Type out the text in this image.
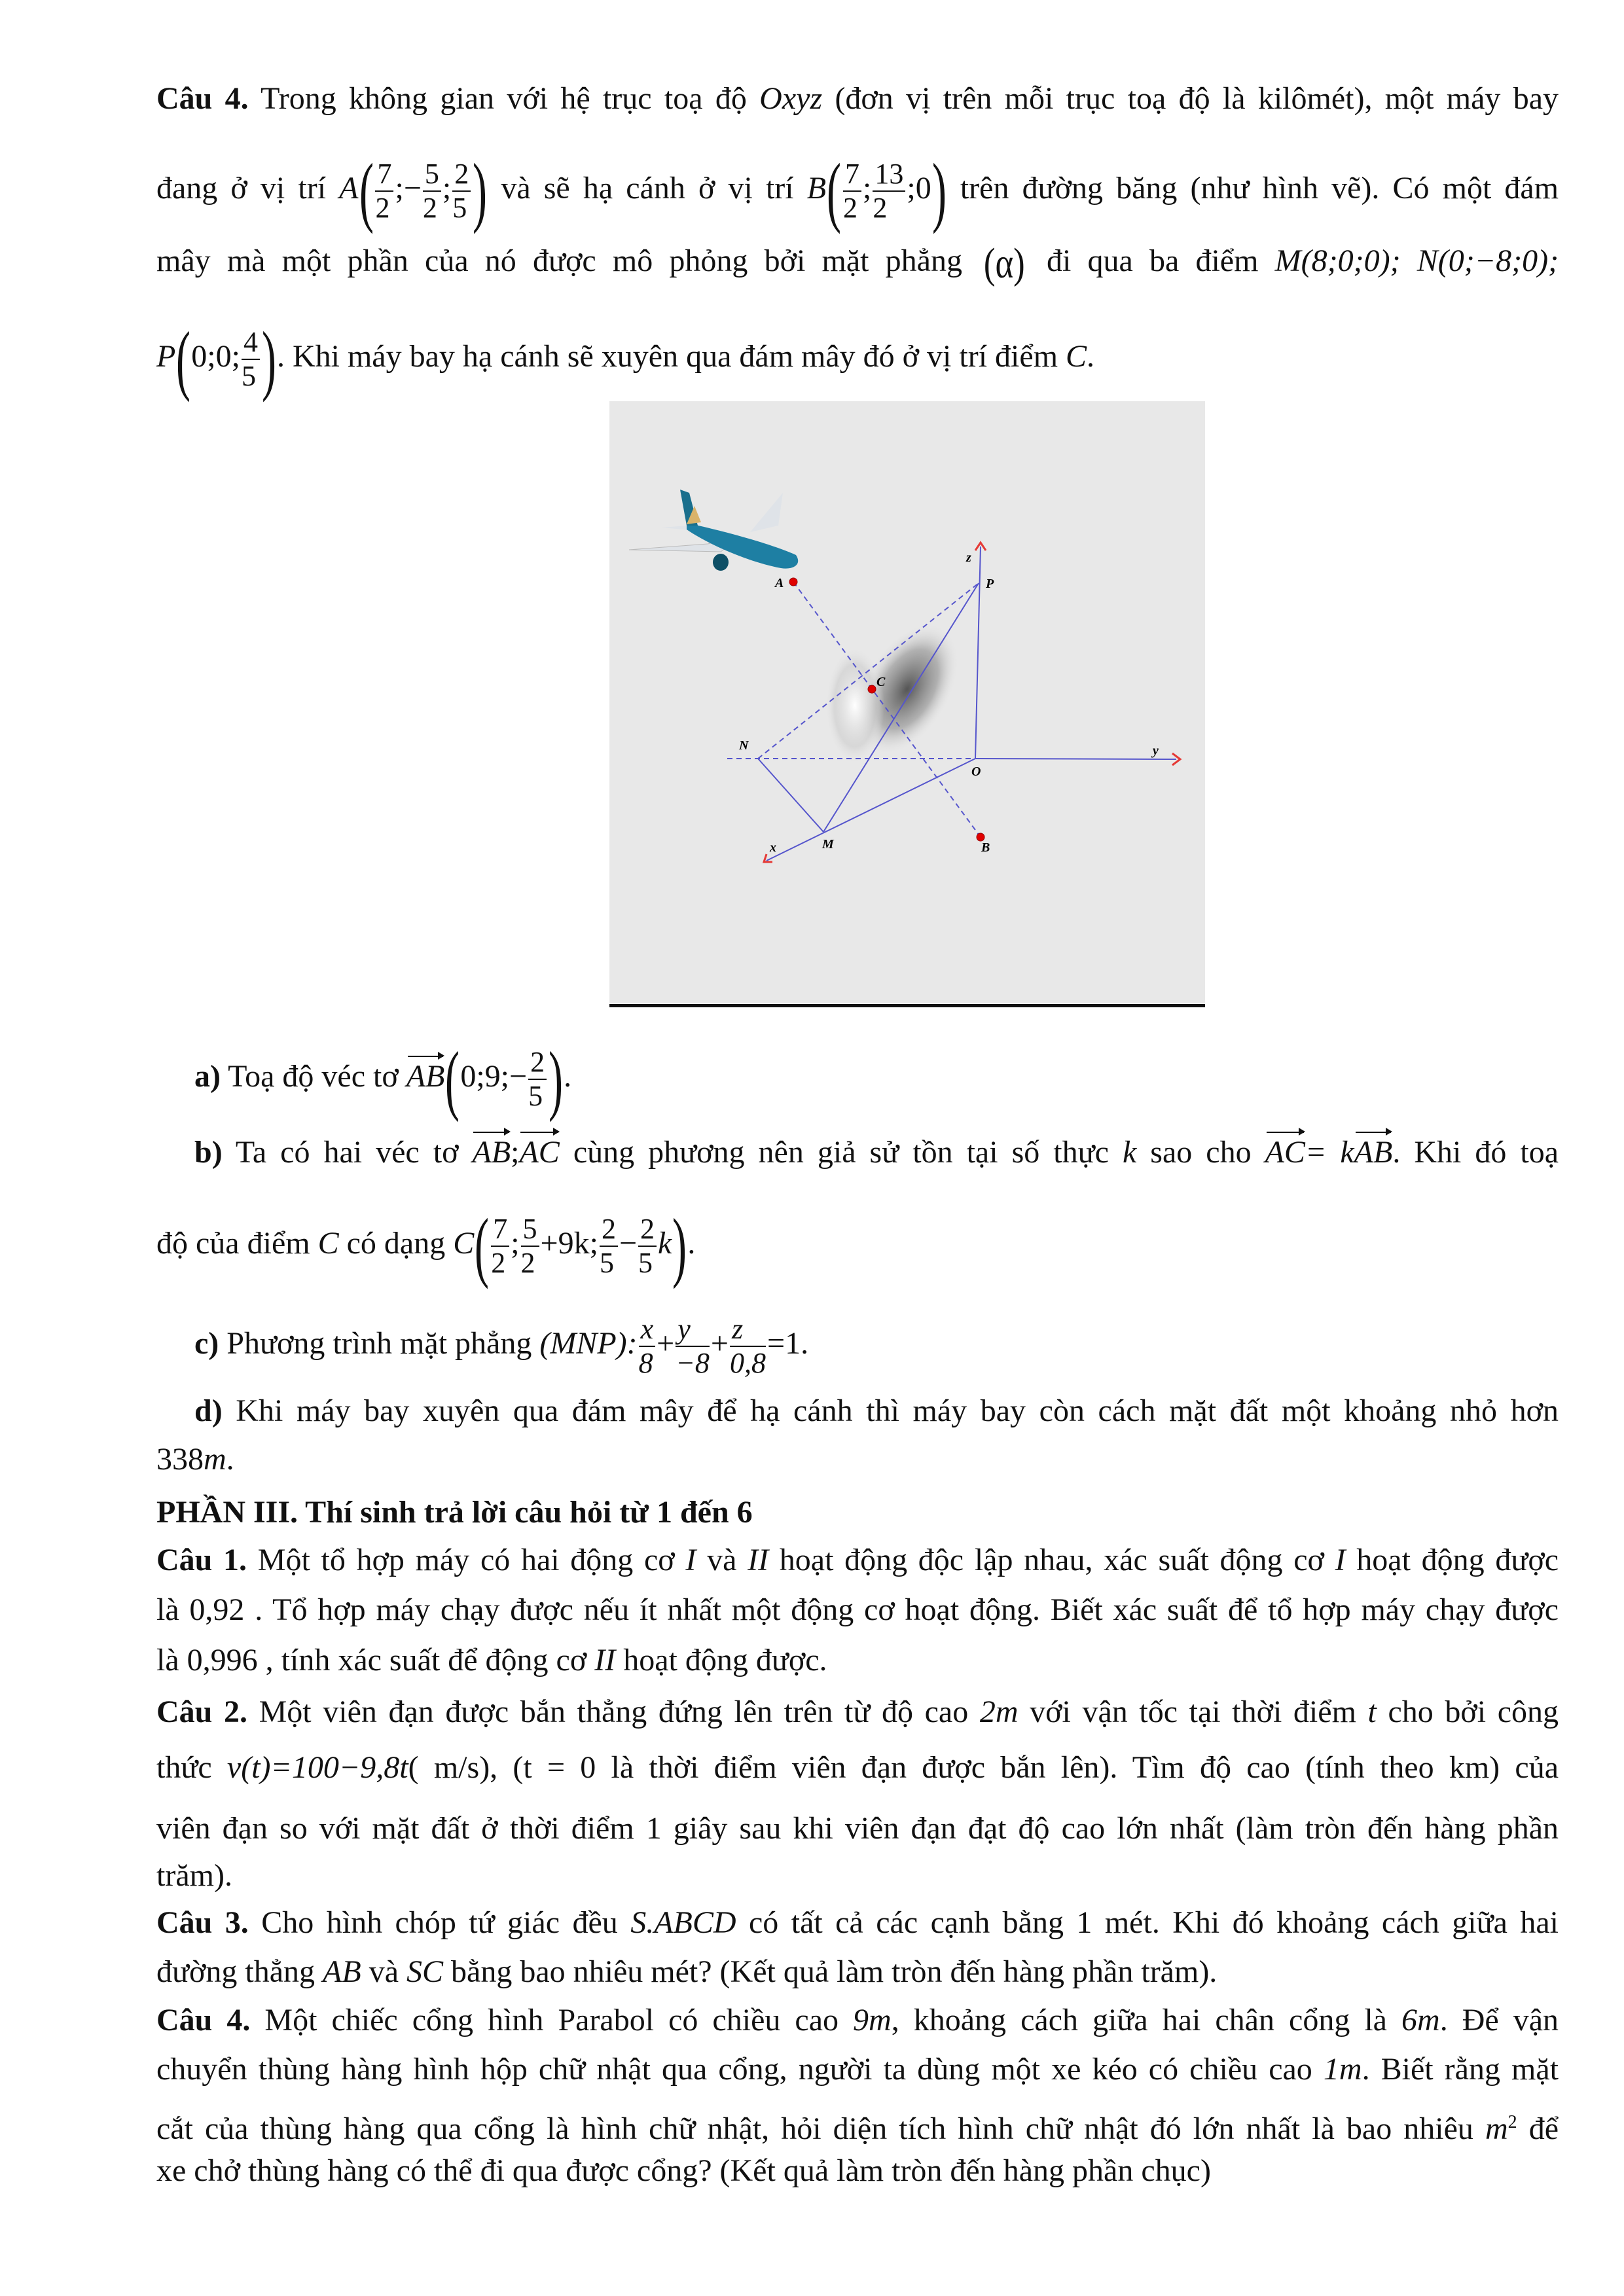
Câu 4. Trong không gian với hệ trục toạ độ Oxyz (đơn vị trên mỗi trục toạ độ là kilômét), một máy bay
đang ở vị trí $A( \frac{7}{2}$ ;− $\frac{5}{2}$ ; $\frac{2}{5}$ ) và sẽ hạ cánh ở vị trí $B( \frac{7}{2}$ ; $\frac{13}{2}$ ;0) trên đường băng (như hình vẽ). Có một đám
mây mà một phần của nó được mô phỏng bởi mặt phẳng (α) đi qua ba điểm M(8;0;0); N(0;−8;0);
P(0;0; $\frac{4}{5}$ ). Khi máy bay hạ cánh sẽ xuyên qua đám mây đó ở vị trí điểm C.
A	P
z
N	y
O
M
x	B
C
a) Toạ độ véc tơ AB(0;9;− $\frac{2}{5}$ ).
b) Ta có hai véc tơ AB;AC cùng phương nên giả sử tồn tại số thực k sao cho AC= kAB. Khi đó toạ
độ của điểm C có dạng $C( \frac{7}{2}$ ; $\frac{5}{2} +9k$; $\frac{2}{5} - \frac{2}{5} k$).
c) Phương trình mặt phẳng (MNP): $\frac{x}{8} + \frac{y}{-8} + \frac{z}{0,8} =1$.
d) Khi máy bay xuyên qua đám mây để hạ cánh thì máy bay còn cách mặt đất một khoảng nhỏ hơn
338m.
PHẦN III. Thí sinh trả lời câu hỏi từ 1 đến 6
Câu 1. Một tổ hợp máy có hai động cơ I và II hoạt động độc lập nhau, xác suất động cơ I hoạt động được
là 0,92 . Tổ hợp máy chạy được nếu ít nhất một động cơ hoạt động. Biết xác suất để tổ hợp máy chạy được
là 0,996 , tính xác suất để động cơ II hoạt động được.
Câu 2. Một viên đạn được bắn thẳng đứng lên trên từ độ cao 2m với vận tốc tại thời điểm t cho bởi công
thức v(t)=100−9,8t( m/s), (t = 0 là thời điểm viên đạn được bắn lên). Tìm độ cao (tính theo km) của
viên đạn so với mặt đất ở thời điểm 1 giây sau khi viên đạn đạt độ cao lớn nhất (làm tròn đến hàng phần
trăm).
Câu 3. Cho hình chóp tứ giác đều S.ABCD có tất cả các cạnh bằng 1 mét. Khi đó khoảng cách giữa hai
đường thẳng AB và SC bằng bao nhiêu mét? (Kết quả làm tròn đến hàng phần trăm).
Câu 4. Một chiếc cổng hình Parabol có chiều cao 9m, khoảng cách giữa hai chân cổng là 6m. Để vận
chuyển thùng hàng hình hộp chữ nhật qua cổng, người ta dùng một xe kéo có chiều cao 1m. Biết rằng mặt
cắt của thùng hàng qua cổng là hình chữ nhật, hỏi diện tích hình chữ nhật đó lớn nhất là bao nhiêu $m^2$ để
xe chở thùng hàng có thể đi qua được cổng? (Kết quả làm tròn đến hàng phần chục)
